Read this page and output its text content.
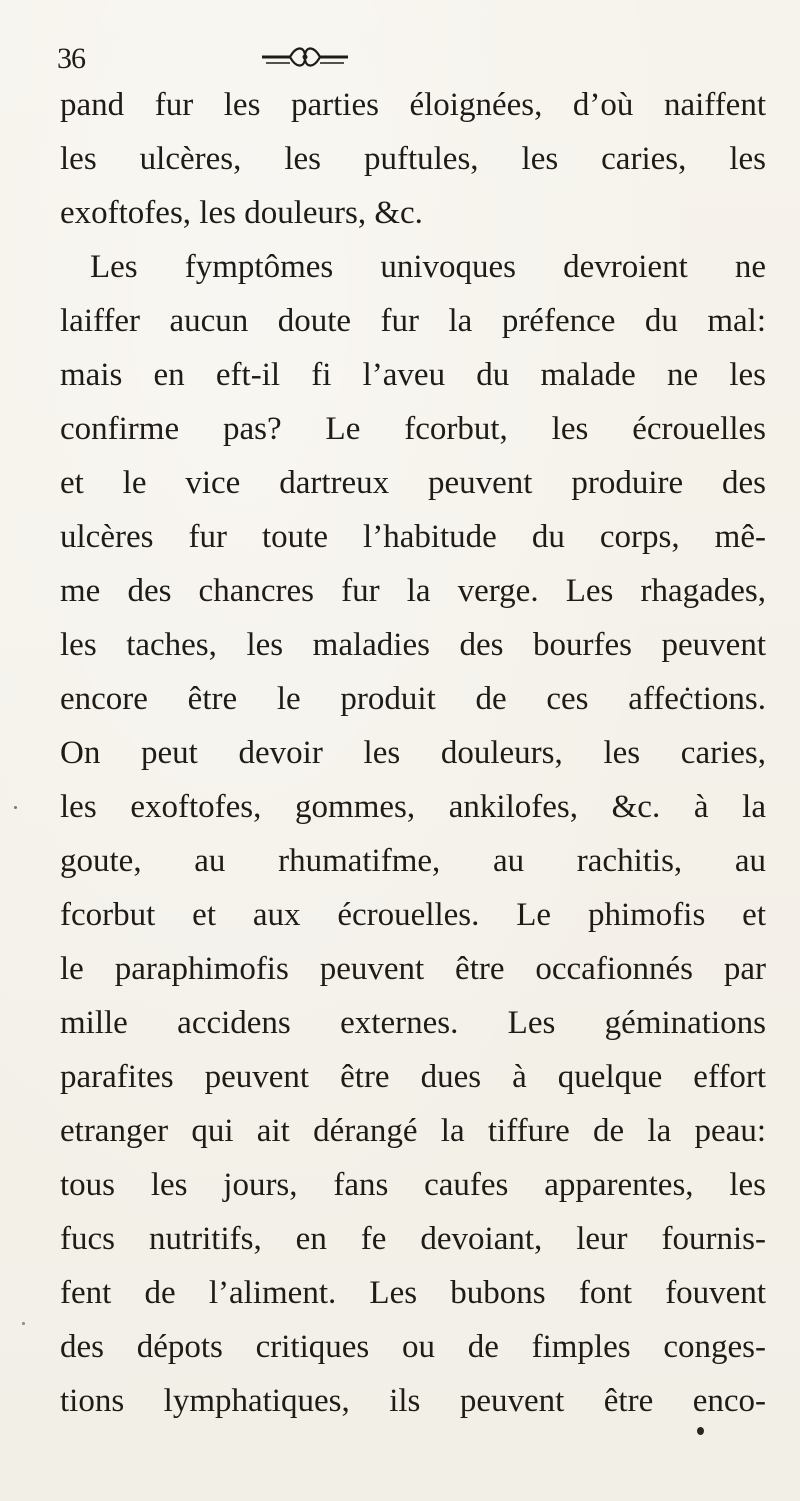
36
pand fur les parties éloignées, d’où naiffent
les ulcères, les puftules, les caries, les
exoftofes, les douleurs, &c.
Les fymptômes univoques devroient ne
laiffer aucun doute fur la préfence du mal:
mais en eft-il fi l’aveu du malade ne les
confirme pas? Le fcorbut, les écrouelles
et le vice dartreux peuvent produire des
ulcères fur toute l’habitude du corps, mê-
me des chancres fur la verge. Les rhagades,
les taches, les maladies des bourfes peuvent
encore être le produit de ces affeċtions.
On peut devoir les douleurs, les caries,
les exoftofes, gommes, ankilofes, &c. à la
goute, au rhumatifme, au rachitis, au
fcorbut et aux écrouelles. Le phimofis et
le paraphimofis peuvent être occafionnés par
mille accidens externes. Les géminations
parafites peuvent être dues à quelque effort
etranger qui ait dérangé la tiffure de la peau:
tous les jours, fans caufes apparentes, les
fucs nutritifs, en fe devoiant, leur fournis-
fent de l’aliment. Les bubons font fouvent
des dépots critiques ou de fimples conges-
tions lymphatiques, ils peuvent être enco-
